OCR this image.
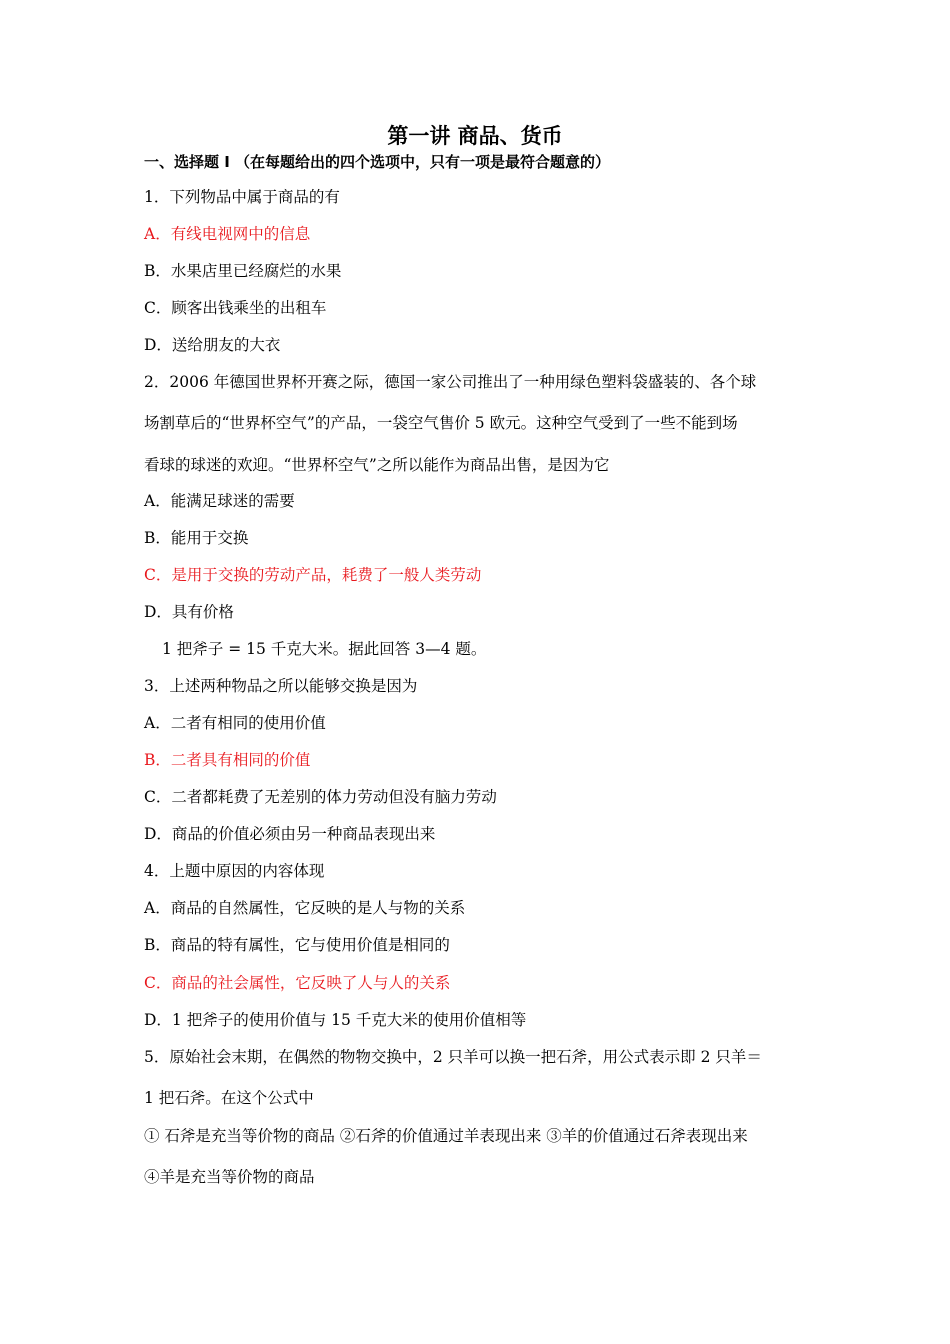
第一讲 商品、货币
一、选择题 I （在每题给出的四个选项中，只有一项是最符合题意的）
1．下列物品中属于商品的有
A．有线电视网中的信息
B．水果店里已经腐烂的水果
C．顾客出钱乘坐的出租车
D．送给朋友的大衣
2．2006 年德国世界杯开赛之际，德国一家公司推出了一种用绿色塑料袋盛装的、各个球
场割草后的“世界杯空气”的产品，一袋空气售价 5 欧元。这种空气受到了一些不能到场
看球的球迷的欢迎。“世界杯空气”之所以能作为商品出售，是因为它
A．能满足球迷的需要
B．能用于交换
C．是用于交换的劳动产品，耗费了一般人类劳动
D．具有价格
1 把斧子 = 15 千克大米。据此回答 3—4 题。
3．上述两种物品之所以能够交换是因为
A．二者有相同的使用价值
B．二者具有相同的价值
C．二者都耗费了无差别的体力劳动但没有脑力劳动
D．商品的价值必须由另一种商品表现出来
4．上题中原因的内容体现
A．商品的自然属性，它反映的是人与物的关系
B．商品的特有属性，它与使用价值是相同的
C．商品的社会属性，它反映了人与人的关系
D．1 把斧子的使用价值与 15 千克大米的使用价值相等
5．原始社会末期，在偶然的物物交换中，2 只羊可以换一把石斧，用公式表示即 2 只羊＝
1 把石斧。在这个公式中
① 石斧是充当等价物的商品 ②石斧的价值通过羊表现出来 ③羊的价值通过石斧表现出来
④羊是充当等价物的商品
